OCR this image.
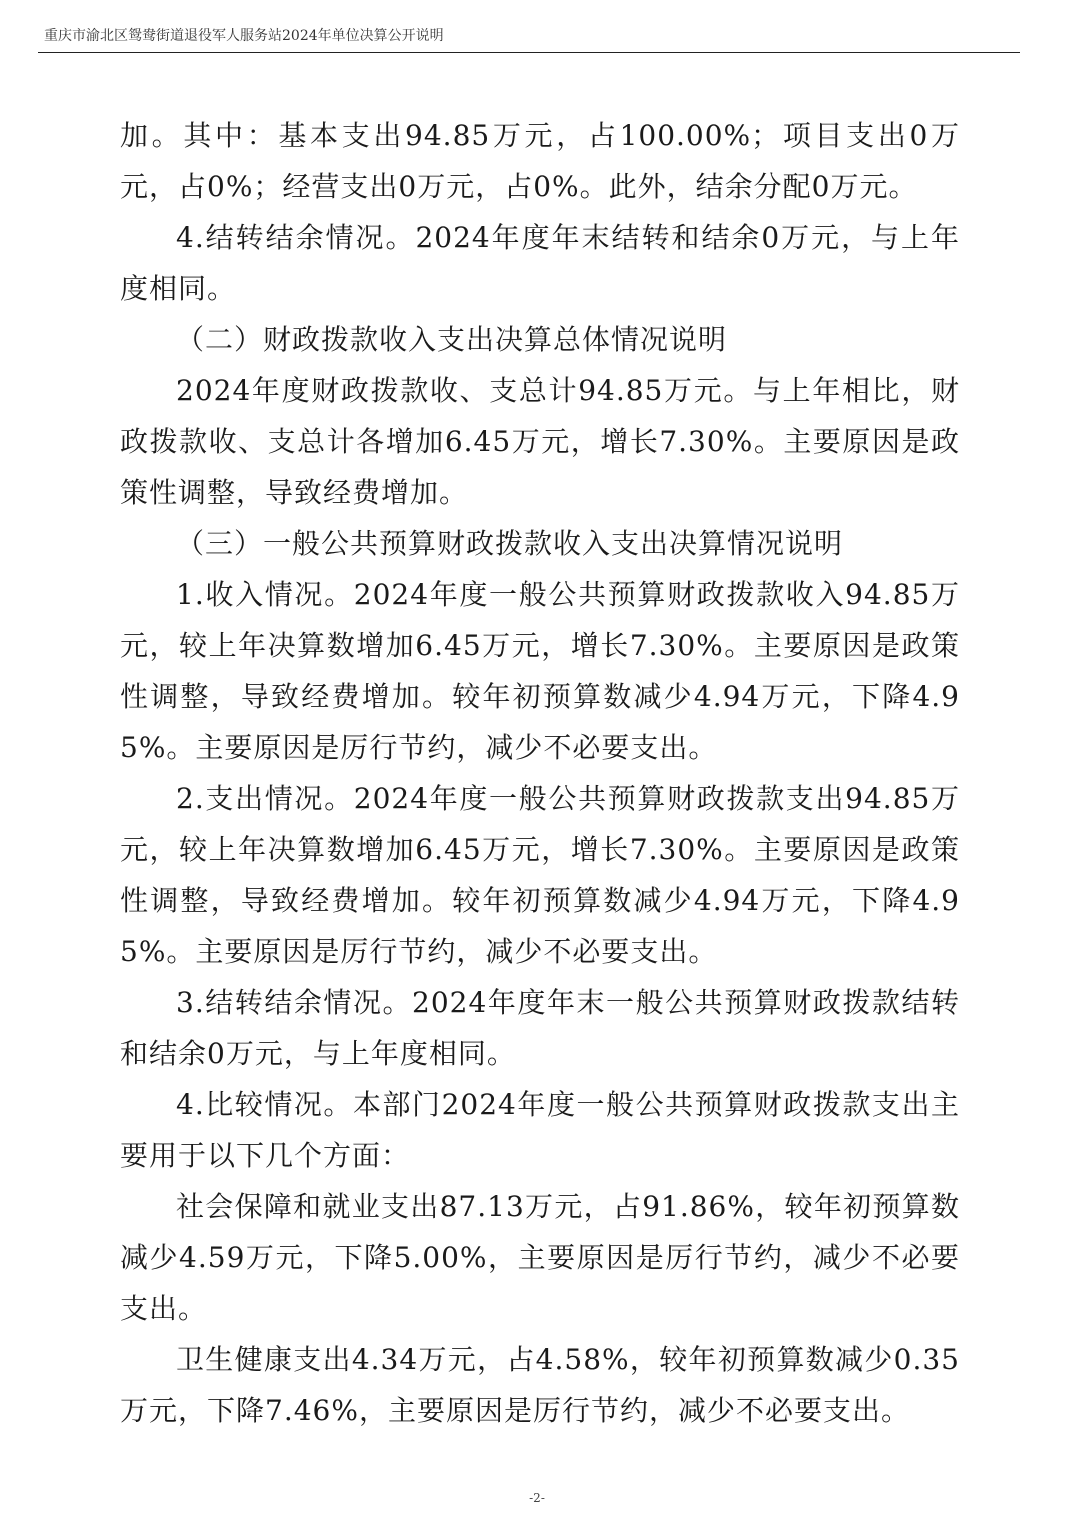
重庆市渝北区鸳鸯街道退役军人服务站2024年单位决算公开说明

加。其中：基本支出94.85万元，占100.00%；项目支出0万元，占0%；经营支出0万元，占0%。此外，结余分配0万元。

4.结转结余情况。2024年度年末结转和结余0万元，与上年度相同。

（二）财政拨款收入支出决算总体情况说明

2024年度财政拨款收、支总计94.85万元。与上年相比，财政拨款收、支总计各增加6.45万元，增长7.30%。主要原因是政策性调整，导致经费增加。

（三）一般公共预算财政拨款收入支出决算情况说明

1.收入情况。2024年度一般公共预算财政拨款收入94.85万元，较上年决算数增加6.45万元，增长7.30%。主要原因是政策性调整，导致经费增加。较年初预算数减少4.94万元，下降4.95%。主要原因是厉行节约，减少不必要支出。

2.支出情况。2024年度一般公共预算财政拨款支出94.85万元，较上年决算数增加6.45万元，增长7.30%。主要原因是政策性调整，导致经费增加。较年初预算数减少4.94万元，下降4.95%。主要原因是厉行节约，减少不必要支出。

3.结转结余情况。2024年度年末一般公共预算财政拨款结转和结余0万元，与上年度相同。

4.比较情况。本部门2024年度一般公共预算财政拨款支出主要用于以下几个方面：

社会保障和就业支出87.13万元，占91.86%，较年初预算数减少4.59万元，下降5.00%，主要原因是厉行节约，减少不必要支出。

卫生健康支出4.34万元，占4.58%，较年初预算数减少0.35万元，下降7.46%，主要原因是厉行节约，减少不必要支出。

-2-
